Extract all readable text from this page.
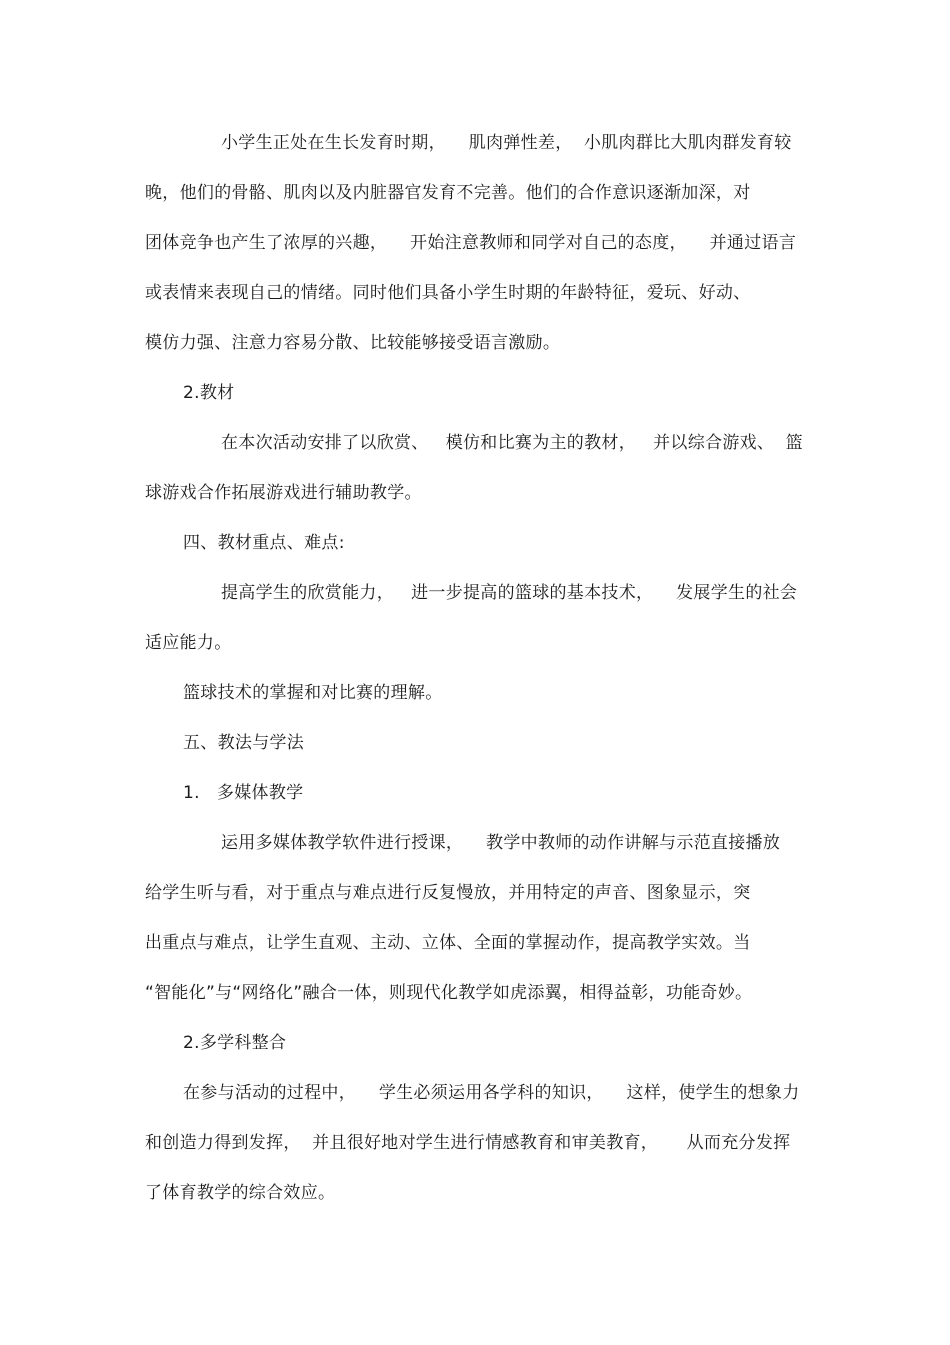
小学生正处在生长发育时期，    肌肉弹性差，  小肌肉群比大肌肉群发育较
晚，他们的骨骼、肌肉以及内脏器官发育不完善。他们的合作意识逐渐加深，对
团体竞争也产生了浓厚的兴趣，    开始注意教师和同学对自己的态度，    并通过语言
或表情来表现自己的情绪。同时他们具备小学生时期的年龄特征，爱玩、好动、
模仿力强、注意力容易分散、比较能够接受语言激励。
2.教材
在本次活动安排了以欣赏、   模仿和比赛为主的教材，   并以综合游戏、  篮
球游戏合作拓展游戏进行辅助教学。
四、教材重点、难点:
提高学生的欣赏能力，   进一步提高的篮球的基本技术，    发展学生的社会
适应能力。
篮球技术的掌握和对比赛的理解。
五、教法与学法
1.   多媒体教学
运用多媒体教学软件进行授课，    教学中教师的动作讲解与示范直接播放
给学生听与看，对于重点与难点进行反复慢放，并用特定的声音、图象显示，突
出重点与难点，让学生直观、主动、立体、全面的掌握动作，提高教学实效。当
“智能化”与“网络化”融合一体，则现代化教学如虎添翼，相得益彰，功能奇妙。
2.多学科整合
在参与活动的过程中，    学生必须运用各学科的知识，    这样，使学生的想象力
和创造力得到发挥，  并且很好地对学生进行情感教育和审美教育，     从而充分发挥
了体育教学的综合效应。
